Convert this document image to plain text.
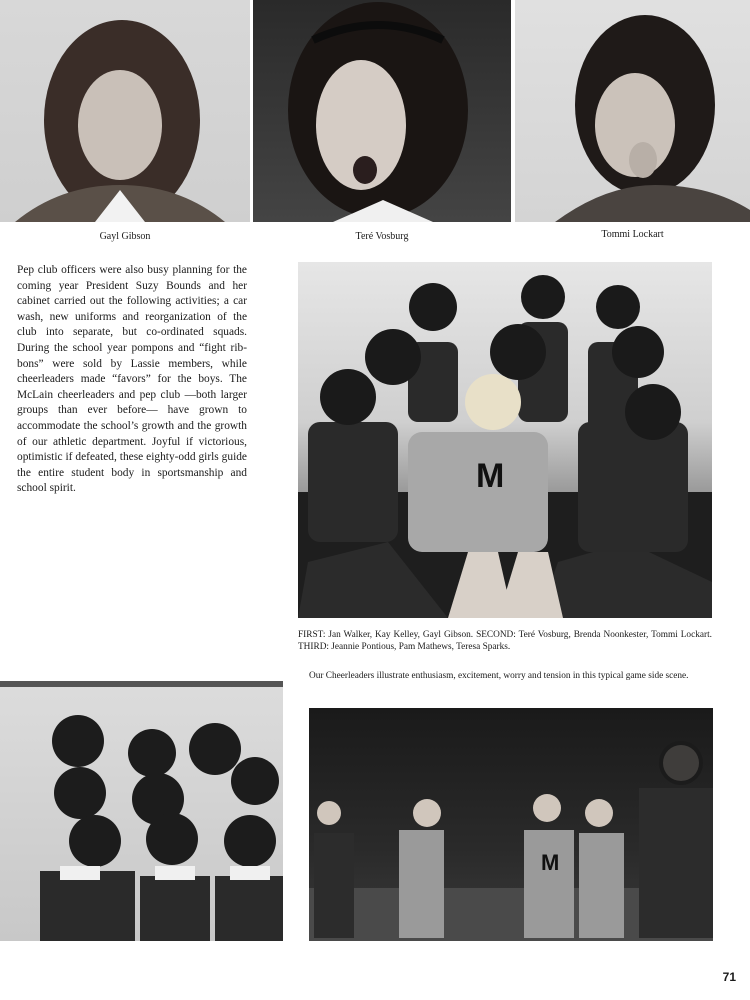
Gayl Gibson	Teré Vosburg	Tommi Lockart
Pep club officers were also busy planning for the coming year President Suzy Bounds and her cabinet carried out the following activities; a car wash, new uniforms and reorganization of the club into separate, but co-ordinated squads. During the school year pompons and “fight ribbons” were sold by Lassie members, while cheerleaders made “favors” for the boys. The McLain cheerleaders and pep club —both larger groups than ever before— have grown to accommodate the school’s growth and the growth of our athletic department. Joyful if victorious, optimistic if defeated, these eighty-odd girls guide the entire student body in sportsmanship and school spirit.	M
FIRST: Jan Walker, Kay Kelley, Gayl Gibson. SECOND: Teré Vosburg, Brenda Noonkester, Tommi Lockart. THIRD: Jeannie Pontious, Pam Mathews, Teresa Sparks.
Our Cheerleaders illustrate enthusiasm, excitement, worry and tension in this typical game side scene.
M
71
